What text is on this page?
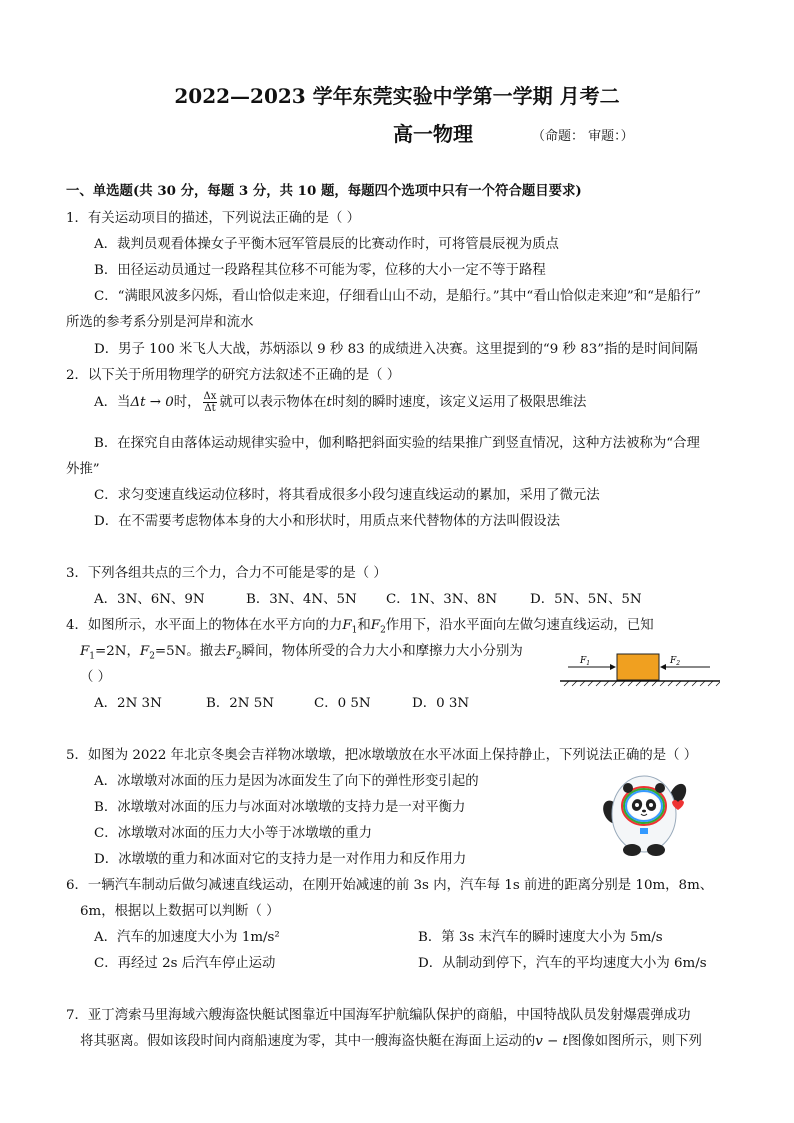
2022—2023 学年东莞实验中学第一学期 月考二
高一物理	（命题： 审题：）
一、单选题(共 30 分，每题 3 分，共 10 题，每题四个选项中只有一个符合题目要求)
1．有关运动项目的描述，下列说法正确的是（ ）
A．裁判员观看体操女子平衡木冠军管晨辰的比赛动作时，可将管晨辰视为质点
B．田径运动员通过一段路程其位移不可能为零，位移的大小一定不等于路程
C．“满眼风波多闪烁，看山恰似走来迎，仔细看山山不动，是船行。”其中“看山恰似走来迎”和“是船行”
所选的参考系分别是河岸和流水
D．男子 100 米飞人大战，苏炳添以 9 秒 83 的成绩进入决赛。这里提到的“9 秒 83”指的是时间间隔
2．以下关于所用物理学的研究方法叙述不正确的是（ ）
A．当Δt → 0时， $\frac{\Delta x}{\Delta t}$ 就可以表示物体在t时刻的瞬时速度，该定义运用了极限思维法
B．在探究自由落体运动规律实验中，伽利略把斜面实验的结果推广到竖直情况，这种方法被称为“合理
外推”
C．求匀变速直线运动位移时，将其看成很多小段匀速直线运动的累加，采用了微元法
D．在不需要考虑物体本身的大小和形状时，用质点来代替物体的方法叫假设法
3．下列各组共点的三个力，合力不可能是零的是（ ）
A．3N、6N、9N	B．3N、4N、5N C．1N、3N、8N D．5N、5N、5N
4．如图所示，水平面上的物体在水平方向的力$F_1$和$F_2$作用下，沿水平面向左做匀速直线运动，已知
$F_1=2N$，$F_2=5N$。撤去$F_2$瞬间，物体所受的合力大小和摩擦力大小分别为
（ ）
A．2N 3N	B．2N 5N	C．0 5N	D．0 3N
$F_1$	$F_2$
5．如图为 2022 年北京冬奥会吉祥物冰墩墩，把冰墩墩放在水平冰面上保持静止，下列说法正确的是（ ）
A．冰墩墩对冰面的压力是因为冰面发生了向下的弹性形变引起的
B．冰墩墩对冰面的压力与冰面对冰墩墩的支持力是一对平衡力
C．冰墩墩对冰面的压力大小等于冰墩墩的重力
D．冰墩墩的重力和冰面对它的支持力是一对作用力和反作用力
6．一辆汽车制动后做匀减速直线运动，在刚开始减速的前 3s 内，汽车每 1s 前进的距离分别是 10m，8m、
6m，根据以上数据可以判断（ ）
A．汽车的加速度大小为 1m/s²	B．第 3s 末汽车的瞬时速度大小为 5m/s
C．再经过 2s 后汽车停止运动	D．从制动到停下，汽车的平均速度大小为 6m/s
7．亚丁湾索马里海域六艘海盗快艇试图靠近中国海军护航编队保护的商船，中国特战队员发射爆震弹成功
将其驱离。假如该段时间内商船速度为零，其中一艘海盗快艇在海面上运动的v − t图像如图所示，则下列
